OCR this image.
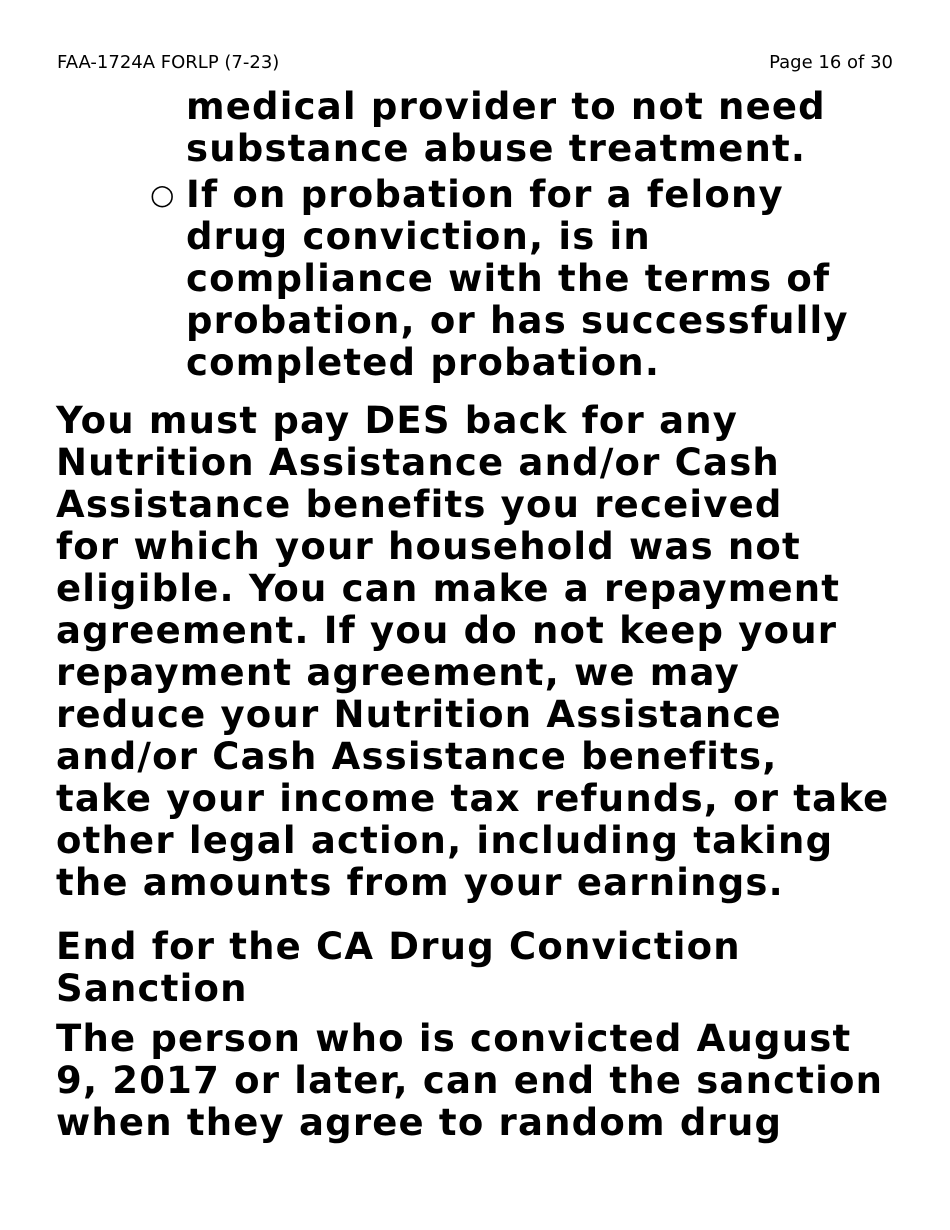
FAA-1724A FORLP (7-23)	Page 16 of 30
medical provider to not need
substance abuse treatment.
○ If on probation for a felony
drug conviction, is in
compliance with the terms of
probation, or has successfully
completed probation.
You must pay DES back for any
Nutrition Assistance and/or Cash
Assistance benefits you received
for which your household was not
eligible. You can make a repayment
agreement. If you do not keep your
repayment agreement, we may
reduce your Nutrition Assistance
and/or Cash Assistance benefits,
take your income tax refunds, or take
other legal action, including taking
the amounts from your earnings.
End for the CA Drug Conviction
Sanction
The person who is convicted August
9, 2017 or later, can end the sanction
when they agree to random drug
